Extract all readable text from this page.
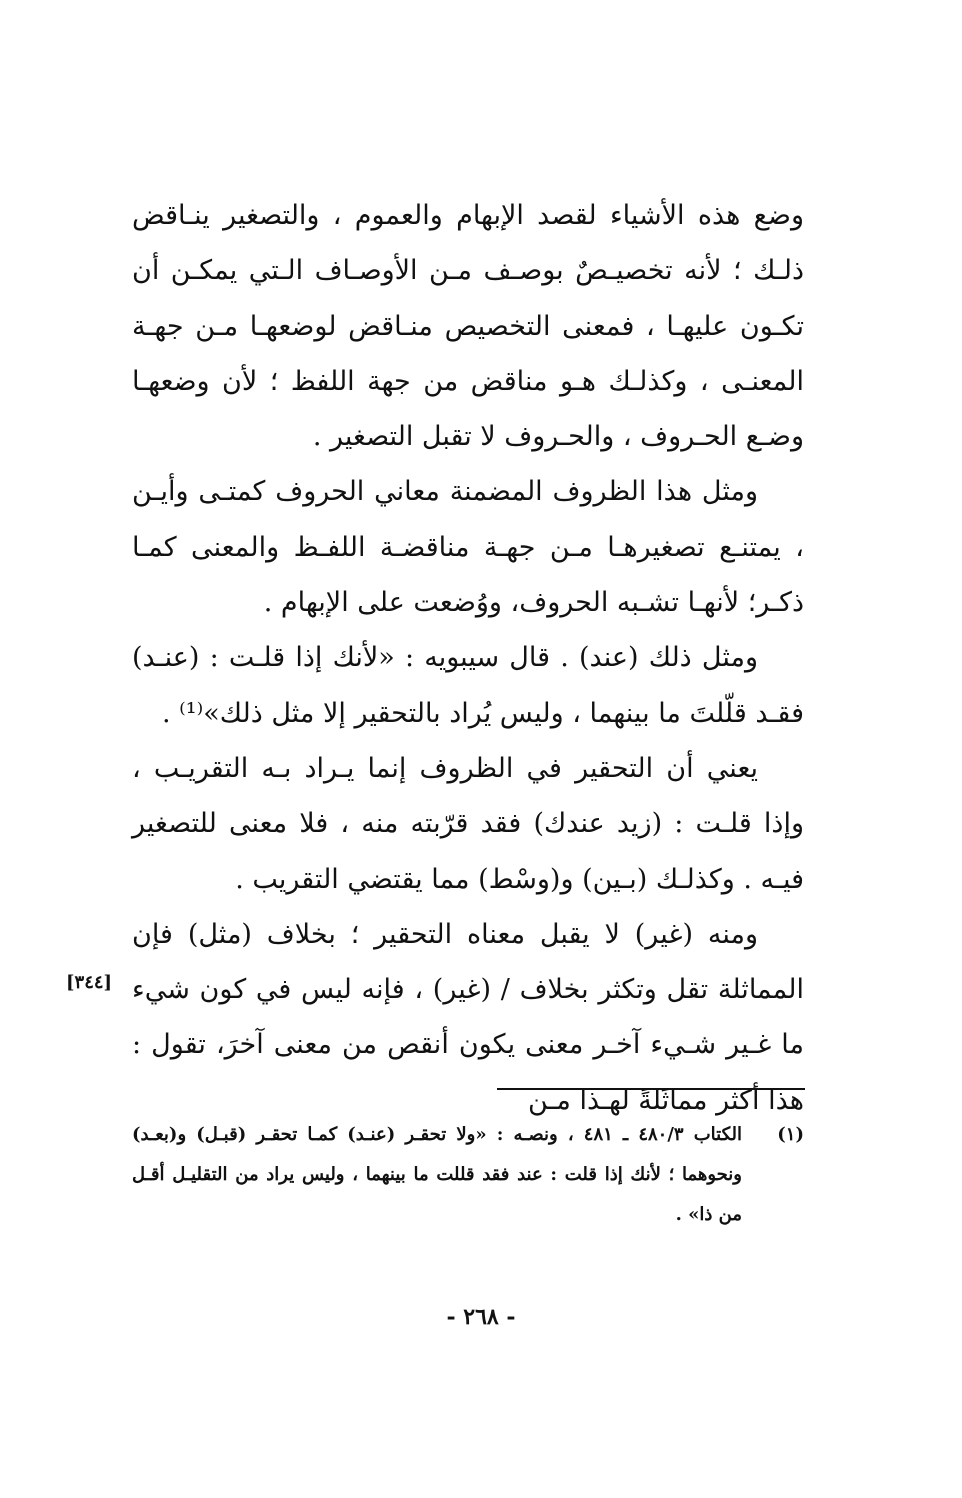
وضع هذه الأشياء لقصد الإبهام والعموم ، والتصغير ينـاقض ذلـك ؛ لأنه تخصيـصٌ بوصـف مـن الأوصـاف الـتي يمكـن أن تكـون عليهـا ، فمعنى التخصيص منـاقض لوضعهـا مـن جهـة المعنـى ، وكذلـك هـو مناقض من جهة اللفظ ؛ لأن وضعهـا وضـع الحـروف ، والحـروف لا تقبل التصغير .

ومثل هذا الظروف المضمنة معاني الحروف كمتـى وأيـن ، يمتنـع تصغيرهـا مـن جهـة مناقضـة اللفـظ والمعنى كمـا ذكـر؛ لأنهـا تشـبه الحروف، ووُضعت على الإبهام .

ومثل ذلك (عند) . قال سيبويه : «لأنك إذا قلـت : (عنـد) فقـد قلّلتَ ما بينهما ، وليس يُراد بالتحقير إلا مثل ذلك»⁽¹⁾ .

يعني أن التحقير في الظروف إنما يـراد بـه التقريـب ، وإذا قلـت : (زيد عندك) فقد قرّبته منه ، فلا معنى للتصغير فيـه . وكذلـك (بـين) و(وسْط) مما يقتضي التقريب .

ومنه (غير) لا يقبل معناه التحقير ؛ بخلاف (مثل) فإن المماثلة تقل وتكثر بخلاف / (غير) ، فإنه ليس في كون شيء ما غـير شـيء آخـر معنى يكون أنقص من معنى آخرَ، تقول : هذا أكثر مماثَلةً لهـذا مـن

[٣٤٤]
(١)
الكتاب ٤٨٠/٣ ـ ٤٨١ ، ونصـه : «ولا تحقـر (عنـد) كمـا تحقـر (قبـل) و(بعـد) ونحوهما ؛ لأنك إذا قلت : عند فقد قللت ما بينهما ، وليس يراد من التقليـل أقـل من ذا» .
- ٢٦٨ -
